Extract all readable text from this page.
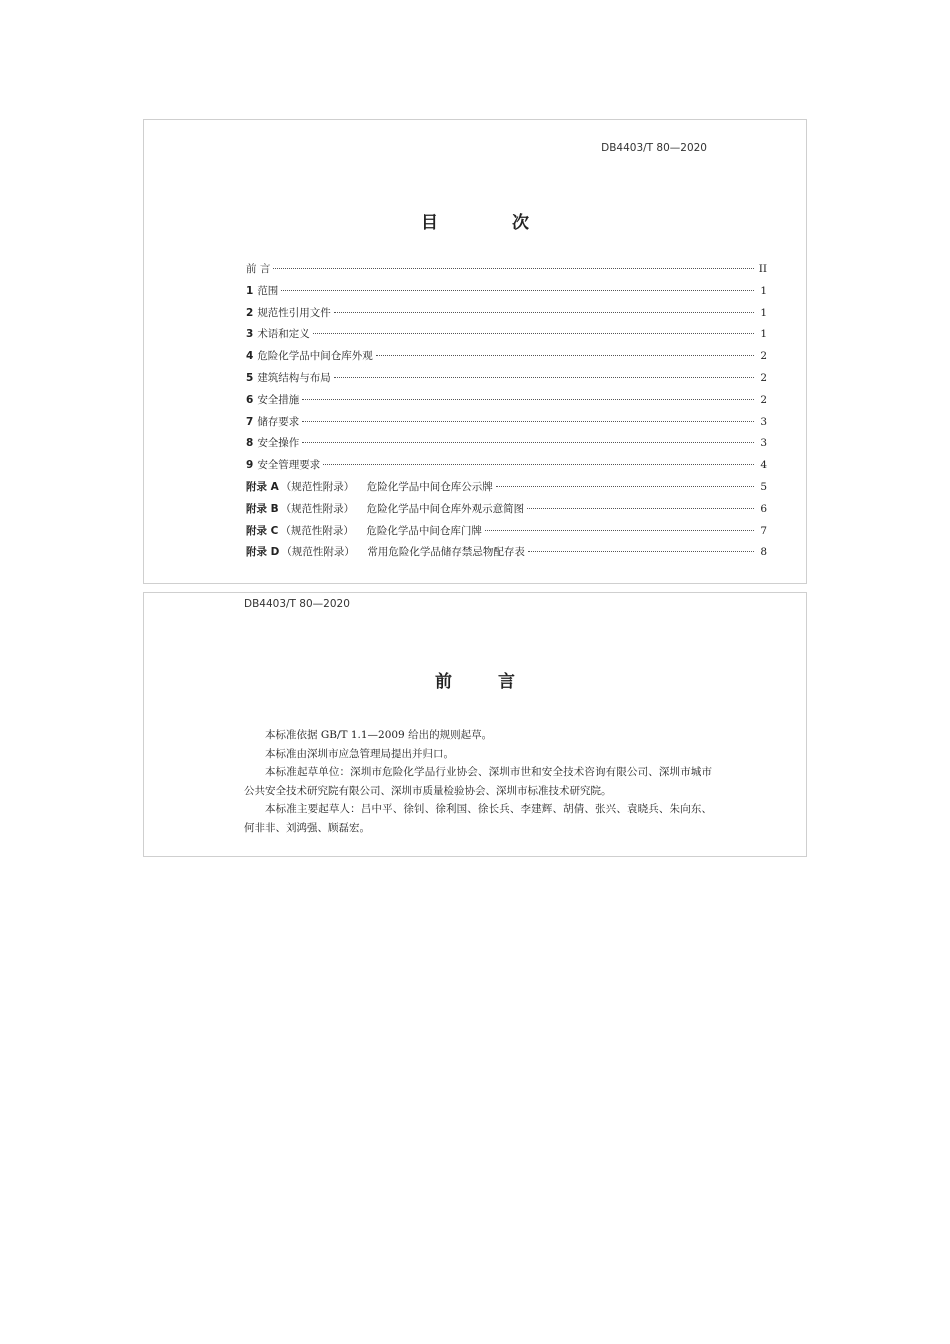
DB4403/T 80—2020
目 次
前 言	II
1 范围	1
2 规范性引用文件	1
3 术语和定义	1
4 危险化学品中间仓库外观	2
5 建筑结构与布局	2
6 安全措施	2
7 储存要求	3
8 安全操作	3
9 安全管理要求	4
附录 A （规范性附录）	危险化学品中间仓库公示牌	5
附录 B （规范性附录）	危险化学品中间仓库外观示意简图	6
附录 C （规范性附录）	危险化学品中间仓库门牌	7
附录 D （规范性附录）	常用危险化学品储存禁忌物配存表	8
DB4403/T 80—2020
前 言

本标准依据 GB/T 1.1—2009 给出的规则起草。

本标准由深圳市应急管理局提出并归口。

本标准起草单位：深圳市危险化学品行业协会、深圳市世和安全技术咨询有限公司、深圳市城市公共安全技术研究院有限公司、深圳市质量检验协会、深圳市标准技术研究院。

本标准主要起草人：吕中平、徐钊、徐利国、徐长兵、李建辉、胡倩、张兴、袁晓兵、朱向东、何非非、刘鸿强、顾磊宏。
